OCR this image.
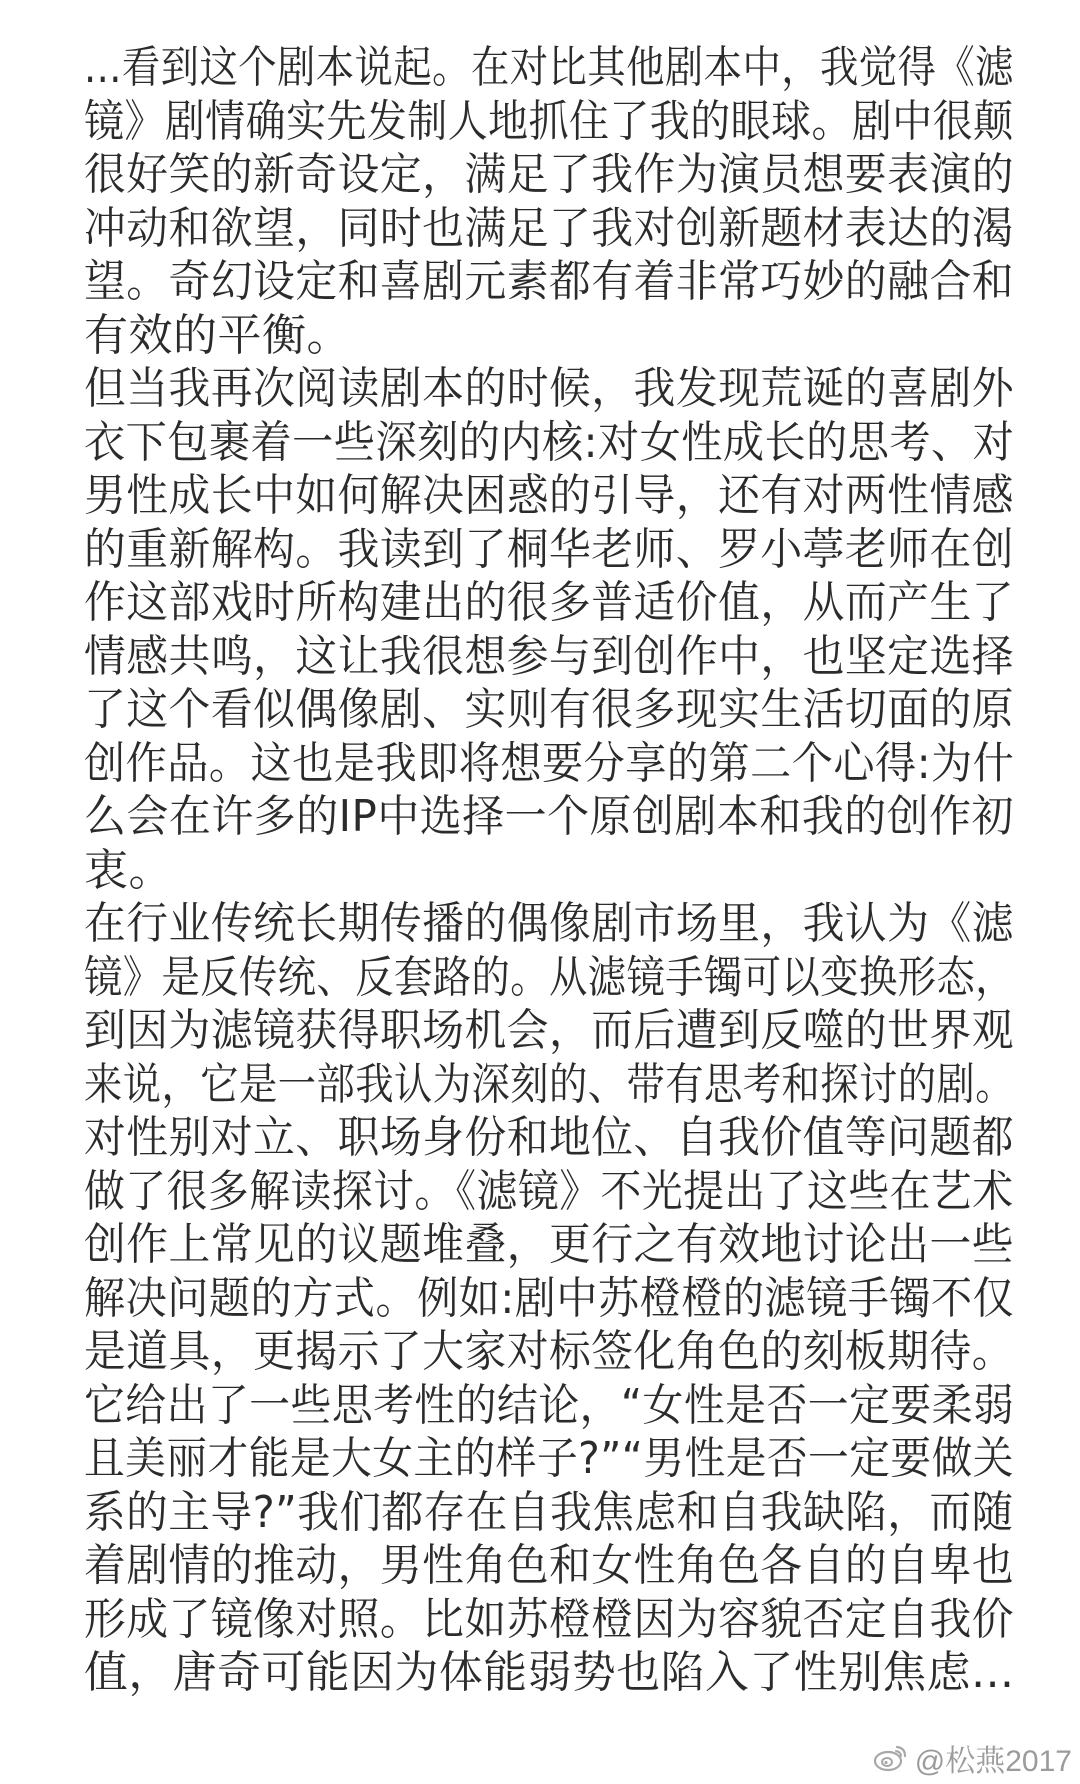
...看到这个剧本说起。在对比其他剧本中，我觉得《滤
镜》剧情确实先发制人地抓住了我的眼球。剧中很颠
很好笑的新奇设定，满足了我作为演员想要表演的
冲动和欲望，同时也满足了我对创新题材表达的渴
望。奇幻设定和喜剧元素都有着非常巧妙的融合和
有效的平衡。
但当我再次阅读剧本的时候，我发现荒诞的喜剧外
衣下包裹着一些深刻的内核:对女性成长的思考、对
男性成长中如何解决困惑的引导，还有对两性情感
的重新解构。我读到了桐华老师、罗小葶老师在创
作这部戏时所构建出的很多普适价值，从而产生了
情感共鸣，这让我很想参与到创作中，也坚定选择
了这个看似偶像剧、实则有很多现实生活切面的原
创作品。这也是我即将想要分享的第二个心得:为什
么会在许多的IP中选择一个原创剧本和我的创作初
衷。
在行业传统长期传播的偶像剧市场里，我认为《滤
镜》是反传统、反套路的。从滤镜手镯可以变换形态，
到因为滤镜获得职场机会，而后遭到反噬的世界观
来说，它是一部我认为深刻的、带有思考和探讨的剧。
对性别对立、职场身份和地位、自我价值等问题都
做了很多解读探讨。《滤镜》不光提出了这些在艺术
创作上常见的议题堆叠，更行之有效地讨论出一些
解决问题的方式。例如:剧中苏橙橙的滤镜手镯不仅
是道具，更揭示了大家对标签化角色的刻板期待。
它给出了一些思考性的结论，“女性是否一定要柔弱
且美丽才能是大女主的样子?”“男性是否一定要做关
系的主导?”我们都存在自我焦虑和自我缺陷，而随
着剧情的推动，男性角色和女性角色各自的自卑也
形成了镜像对照。比如苏橙橙因为容貌否定自我价
值，唐奇可能因为体能弱势也陷入了性别焦虑...
@松燕2017
